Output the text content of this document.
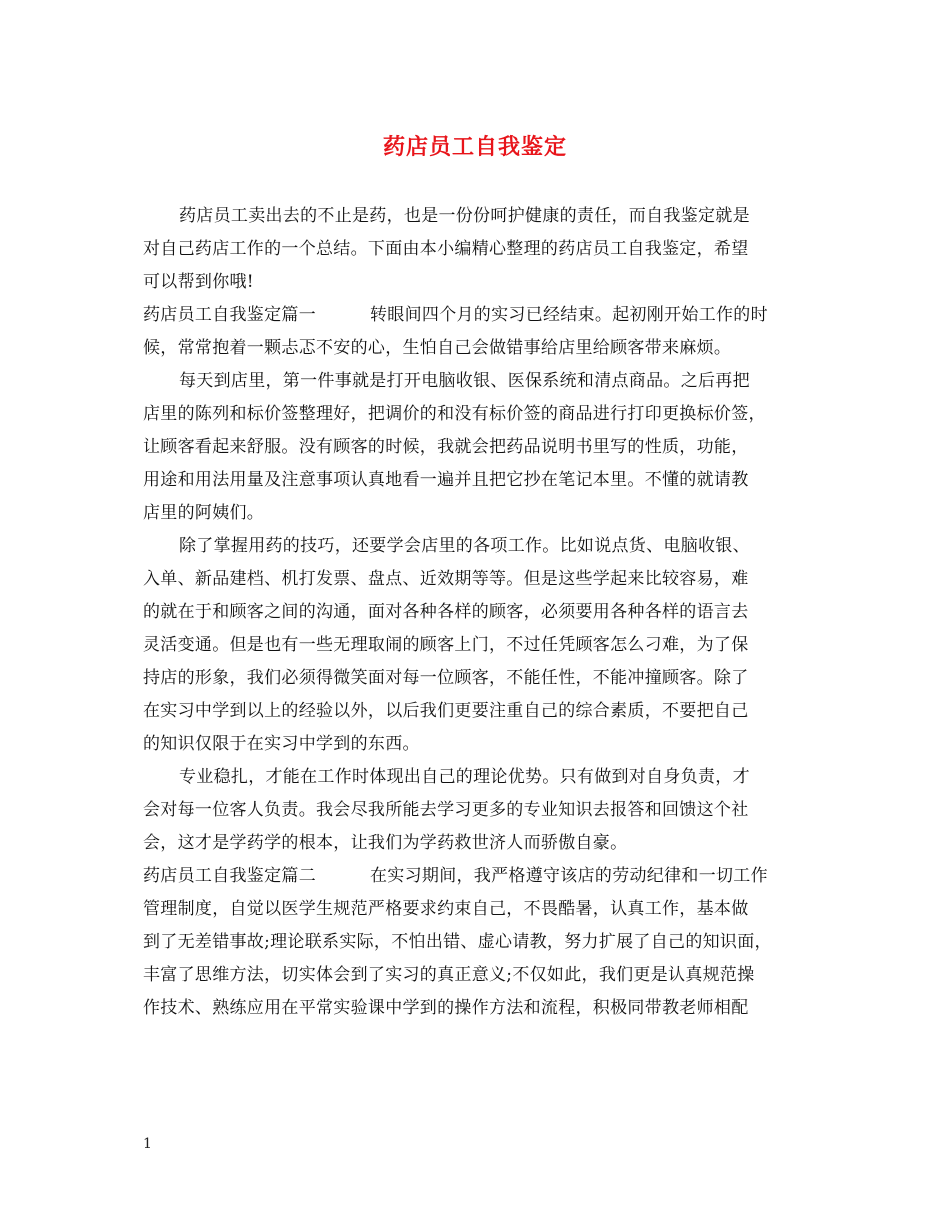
药店员工自我鉴定
药店员工卖出去的不止是药，也是一份份呵护健康的责任，而自我鉴定就是
对自己药店工作的一个总结。下面由本小编精心整理的药店员工自我鉴定，希望
可以帮到你哦!
药店员工自我鉴定篇一	转眼间四个月的实习已经结束。起初刚开始工作的时
候，常常抱着一颗忐忑不安的心，生怕自己会做错事给店里给顾客带来麻烦。
每天到店里，第一件事就是打开电脑收银、医保系统和清点商品。之后再把
店里的陈列和标价签整理好，把调价的和没有标价签的商品进行打印更换标价签，
让顾客看起来舒服。没有顾客的时候，我就会把药品说明书里写的性质，功能，
用途和用法用量及注意事项认真地看一遍并且把它抄在笔记本里。不懂的就请教
店里的阿姨们。
除了掌握用药的技巧，还要学会店里的各项工作。比如说点货、电脑收银、
入单、新品建档、机打发票、盘点、近效期等等。但是这些学起来比较容易，难
的就在于和顾客之间的沟通，面对各种各样的顾客，必须要用各种各样的语言去
灵活变通。但是也有一些无理取闹的顾客上门，不过任凭顾客怎么刁难，为了保
持店的形象，我们必须得微笑面对每一位顾客，不能任性，不能冲撞顾客。除了
在实习中学到以上的经验以外，以后我们更要注重自己的综合素质，不要把自己
的知识仅限于在实习中学到的东西。
专业稳扎，才能在工作时体现出自己的理论优势。只有做到对自身负责，才
会对每一位客人负责。我会尽我所能去学习更多的专业知识去报答和回馈这个社
会，这才是学药学的根本，让我们为学药救世济人而骄傲自豪。
药店员工自我鉴定篇二	在实习期间，我严格遵守该店的劳动纪律和一切工作
管理制度，自觉以医学生规范严格要求约束自己，不畏酷暑，认真工作，基本做
到了无差错事故;理论联系实际，不怕出错、虚心请教，努力扩展了自己的知识面，
丰富了思维方法，切实体会到了实习的真正意义;不仅如此，我们更是认真规范操
作技术、熟练应用在平常实验课中学到的操作方法和流程，积极同带教老师相配
1
